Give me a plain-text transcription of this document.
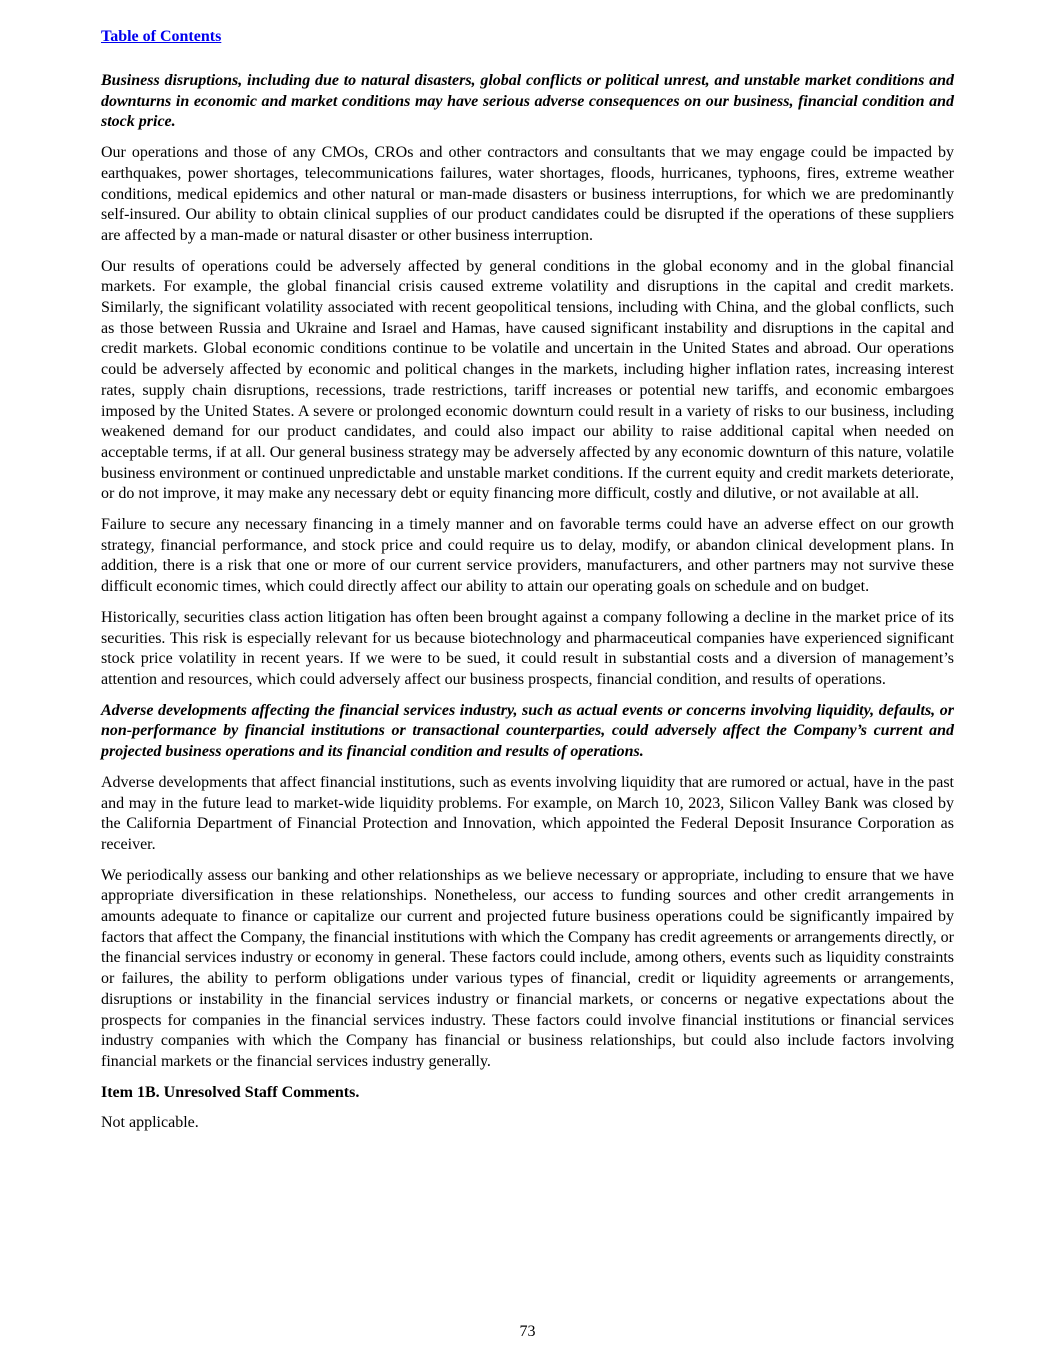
Table of Contents
Business disruptions, including due to natural disasters, global conflicts or political unrest, and unstable market conditions and downturns in economic and market conditions may have serious adverse consequences on our business, financial condition and stock price.

Our operations and those of any CMOs, CROs and other contractors and consultants that we may engage could be impacted by earthquakes, power shortages, telecommunications failures, water shortages, floods, hurricanes, typhoons, fires, extreme weather conditions, medical epidemics and other natural or man-made disasters or business interruptions, for which we are predominantly self-insured. Our ability to obtain clinical supplies of our product candidates could be disrupted if the operations of these suppliers are affected by a man-made or natural disaster or other business interruption.

Our results of operations could be adversely affected by general conditions in the global economy and in the global financial markets. For example, the global financial crisis caused extreme volatility and disruptions in the capital and credit markets. Similarly, the significant volatility associated with recent geopolitical tensions, including with China, and the global conflicts, such as those between Russia and Ukraine and Israel and Hamas, have caused significant instability and disruptions in the capital and credit markets. Global economic conditions continue to be volatile and uncertain in the United States and abroad. Our operations could be adversely affected by economic and political changes in the markets, including higher inflation rates, increasing interest rates, supply chain disruptions, recessions, trade restrictions, tariff increases or potential new tariffs, and economic embargoes imposed by the United States. A severe or prolonged economic downturn could result in a variety of risks to our business, including weakened demand for our product candidates, and could also impact our ability to raise additional capital when needed on acceptable terms, if at all. Our general business strategy may be adversely affected by any economic downturn of this nature, volatile business environment or continued unpredictable and unstable market conditions. If the current equity and credit markets deteriorate, or do not improve, it may make any necessary debt or equity financing more difficult, costly and dilutive, or not available at all.

Failure to secure any necessary financing in a timely manner and on favorable terms could have an adverse effect on our growth strategy, financial performance, and stock price and could require us to delay, modify, or abandon clinical development plans. In addition, there is a risk that one or more of our current service providers, manufacturers, and other partners may not survive these difficult economic times, which could directly affect our ability to attain our operating goals on schedule and on budget.

Historically, securities class action litigation has often been brought against a company following a decline in the market price of its securities. This risk is especially relevant for us because biotechnology and pharmaceutical companies have experienced significant stock price volatility in recent years. If we were to be sued, it could result in substantial costs and a diversion of management’s attention and resources, which could adversely affect our business prospects, financial condition, and results of operations.

Adverse developments affecting the financial services industry, such as actual events or concerns involving liquidity, defaults, or non-performance by financial institutions or transactional counterparties, could adversely affect the Company’s current and projected business operations and its financial condition and results of operations.

Adverse developments that affect financial institutions, such as events involving liquidity that are rumored or actual, have in the past and may in the future lead to market-wide liquidity problems. For example, on March 10, 2023, Silicon Valley Bank was closed by the California Department of Financial Protection and Innovation, which appointed the Federal Deposit Insurance Corporation as receiver.

We periodically assess our banking and other relationships as we believe necessary or appropriate, including to ensure that we have appropriate diversification in these relationships. Nonetheless, our access to funding sources and other credit arrangements in amounts adequate to finance or capitalize our current and projected future business operations could be significantly impaired by factors that affect the Company, the financial institutions with which the Company has credit agreements or arrangements directly, or the financial services industry or economy in general. These factors could include, among others, events such as liquidity constraints or failures, the ability to perform obligations under various types of financial, credit or liquidity agreements or arrangements, disruptions or instability in the financial services industry or financial markets, or concerns or negative expectations about the prospects for companies in the financial services industry. These factors could involve financial institutions or financial services industry companies with which the Company has financial or business relationships, but could also include factors involving financial markets or the financial services industry generally.

Item 1B. Unresolved Staff Comments.

Not applicable.

73
